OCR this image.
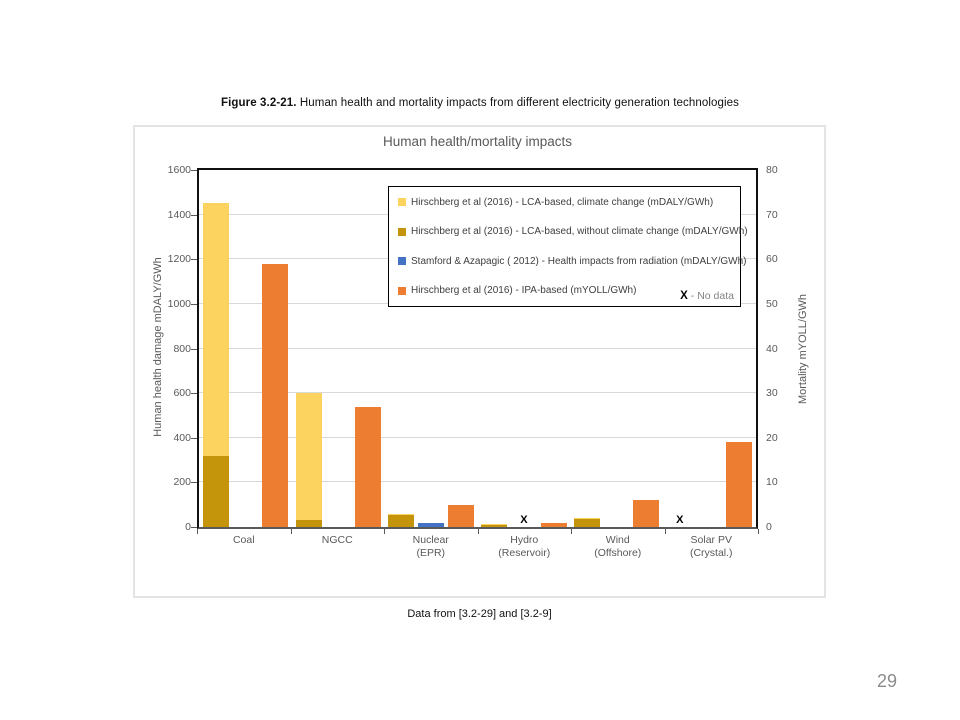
Figure 3.2-21. Human health and mortality impacts from different electricity generation technologies
Human health/mortality impacts
Human health damage mDALY/GWh	Mortality mYOLL/GWh
X	X
0
200
400
600
800
1000
1200
1400
1600
0
10
20
30
40
50
60
70
80
Coal	NGCC	Nuclear
(EPR)
Hydro
(Reservoir)
Wind
(Offshore)
Solar PV
(Crystal.)
X - No data
Hirschberg et al (2016) - LCA-based, climate change (mDALY/GWh)
Hirschberg et al (2016) - LCA-based, without climate change (mDALY/GWh)
Stamford & Azapagic ( 2012) - Health impacts from radiation (mDALY/GWh)
Hirschberg et al (2016) - IPA-based (mYOLL/GWh)
Data from [3.2-29] and [3.2-9]
29
